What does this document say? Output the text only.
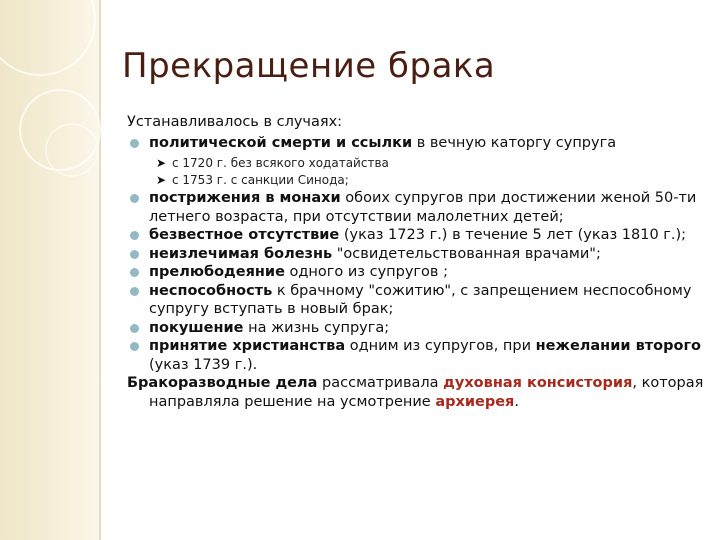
Прекращение брака
Устанавливалось в случаях:
политической смерти и ссылки в вечную каторгу супруга
➤ с 1720 г. без всякого ходатайства
➤ с 1753 г. с санкции Синода;
пострижения в монахи обоих супругов при достижении женой 50-ти
летнего возраста, при отсутствии малолетних детей;
безвестное отсутствие (указ 1723 г.) в течение 5 лет (указ 1810 г.);
неизлечимая болезнь "освидетельствованная врачами";
прелюбодеяние одного из супругов ;
неспособность к брачному "сожитию", с запрещением неспособному
супругу вступать в новый брак;
покушение на жизнь супруга;
принятие христианства одним из супругов, при нежелании второго
(указ 1739 г.).
Бракоразводные дела рассматривала духовная консистория, которая
направляла решение на усмотрение архиерея.
